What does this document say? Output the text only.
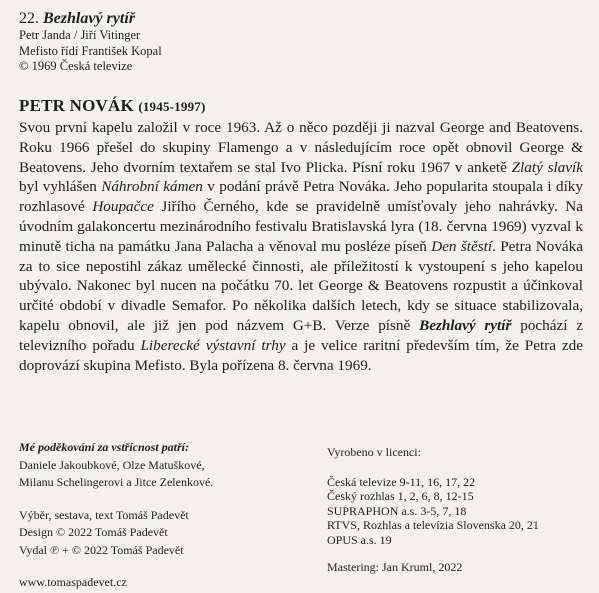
22. Bezhlavý rytíř
Petr Janda / Jiří Vitinger
Mefisto řídí František Kopal
© 1969 Česká televize
PETR NOVÁK (1945-1997)
Svou první kapelu založil v roce 1963. Až o něco později ji nazval George and Beatovens. Roku 1966 přešel do skupiny Flamengo a v následujícím roce opět obnovil George & Beatovens. Jeho dvorním textařem se stal Ivo Plicka. Písní roku 1967 v anketě Zlatý slavík byl vyhlášen Náhrobní kámen v podání právě Petra Nováka. Jeho popularita stoupala i díky rozhlasové Houpačce Jiřího Černého, kde se pravidelně umísťovaly jeho nahrávky. Na úvodním galakoncertu mezinárodního festivalu Bratislavská lyra (18. června 1969) vyzval k minutě ticha na památku Jana Palacha a věnoval mu posléze píseň Den štěstí. Petra Nováka za to sice nepostihl zákaz umělecké činnosti, ale příležitostí k vystoupení s jeho kapelou ubývalo. Nakonec byl nucen na počátku 70. let George & Beatovens rozpustit a účinkoval určité období v divadle Semafor. Po několika dalších letech, kdy se situace stabilizovala, kapelu obnovil, ale již jen pod názvem G+B. Verze písně Bezhlavý rytíř pochází z televizního pořadu Liberecké výstavní trhy a je velice raritní především tím, že Petra zde doprovází skupina Mefisto. Byla pořízena 8. června 1969.
Mé poděkování za vstřícnost patří:
Daniele Jakoubkové, Olze Matuškové,
Milanu Schelingerovi a Jitce Zelenkové.
Výběr, sestava, text Tomáš Padevět
Design © 2022 Tomáš Padevět
Vydal ℗ + © 2022 Tomáš Padevět
www.tomaspadevet.cz
Vyrobeno v licenci:
Česká televize 9-11, 16, 17, 22
Český rozhlas 1, 2, 6, 8, 12-15
SUPRAPHON a.s. 3-5, 7, 18
RTVS, Rozhlas a televízia Slovenska 20, 21
OPUS a.s. 19
Mastering: Jan Kruml, 2022
